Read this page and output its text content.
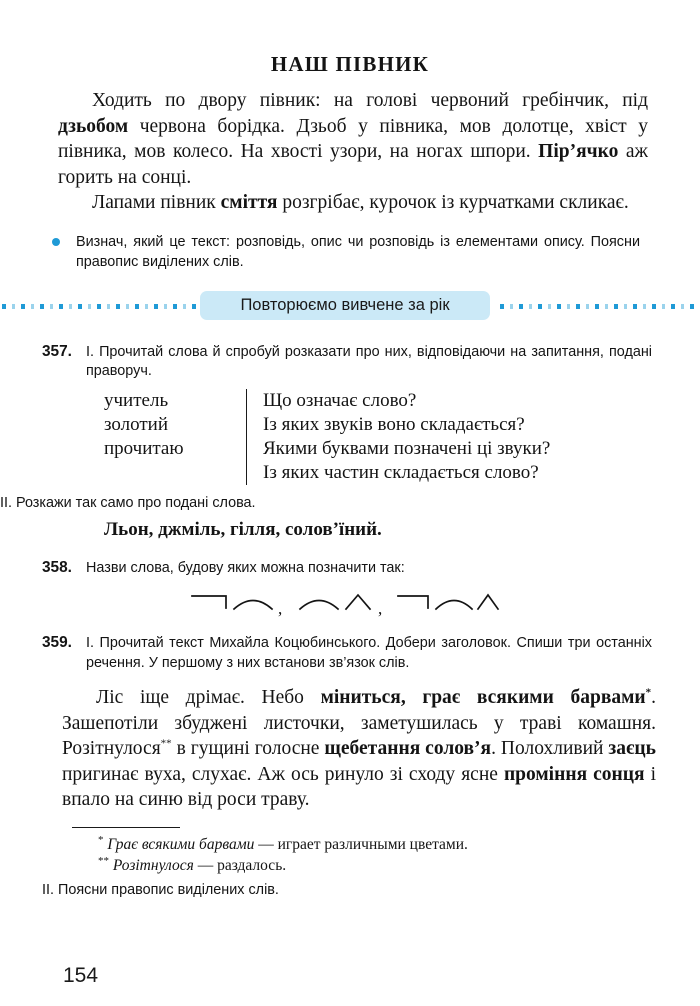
НАШ ПІВНИК

Ходить по двору півник: на голові червоний гребінчик, під дзьобом червона борідка. Дзьоб у півника, мов долотце, хвіст у півника, мов колесо. На хвості узори, на ногах шпори. Пір’ячко аж горить на сонці.

Лапами півник сміття розгрібає, курочок із курчатками скликає.

Визнач, який це текст: розповідь, опис чи розповідь із елементами опису. Поясни правопис виділених слів.
Повторюємо вивчене за рік
357. I. Прочитай слова й спробуй розказати про них, відповідаючи на запитання, подані праворуч.
учитель
золотий
прочитаю
Що означає слово?
Із яких звуків воно складається?
Якими буквами позначені ці звуки?
Із яких частин складається слово?
II. Розкажи так само про подані слова.
Льон, джміль, гілля, солов’їний.
358. Назви слова, будову яких можна позначити так:
,	,
359. I. Прочитай текст Михайла Коцюбинського. Добери заголовок. Спиши три останніх речення. У першому з них встанови зв’язок слів.

Ліс іще дрімає. Небо міниться, грає всякими барвами*. Зашепотіли збуджені листочки, заметушилась у траві комашня. Розітнулося** в гущині голосне щебетання солов’я. Полохливий заєць пригинає вуха, слухає. Аж ось ринуло зі сходу ясне проміння сонця і впало на синю від роси траву.

* Грає всякими барвами — играет различными цветами.
** Розітнулося — раздалось.
II. Поясни правопис виділених слів.
154
